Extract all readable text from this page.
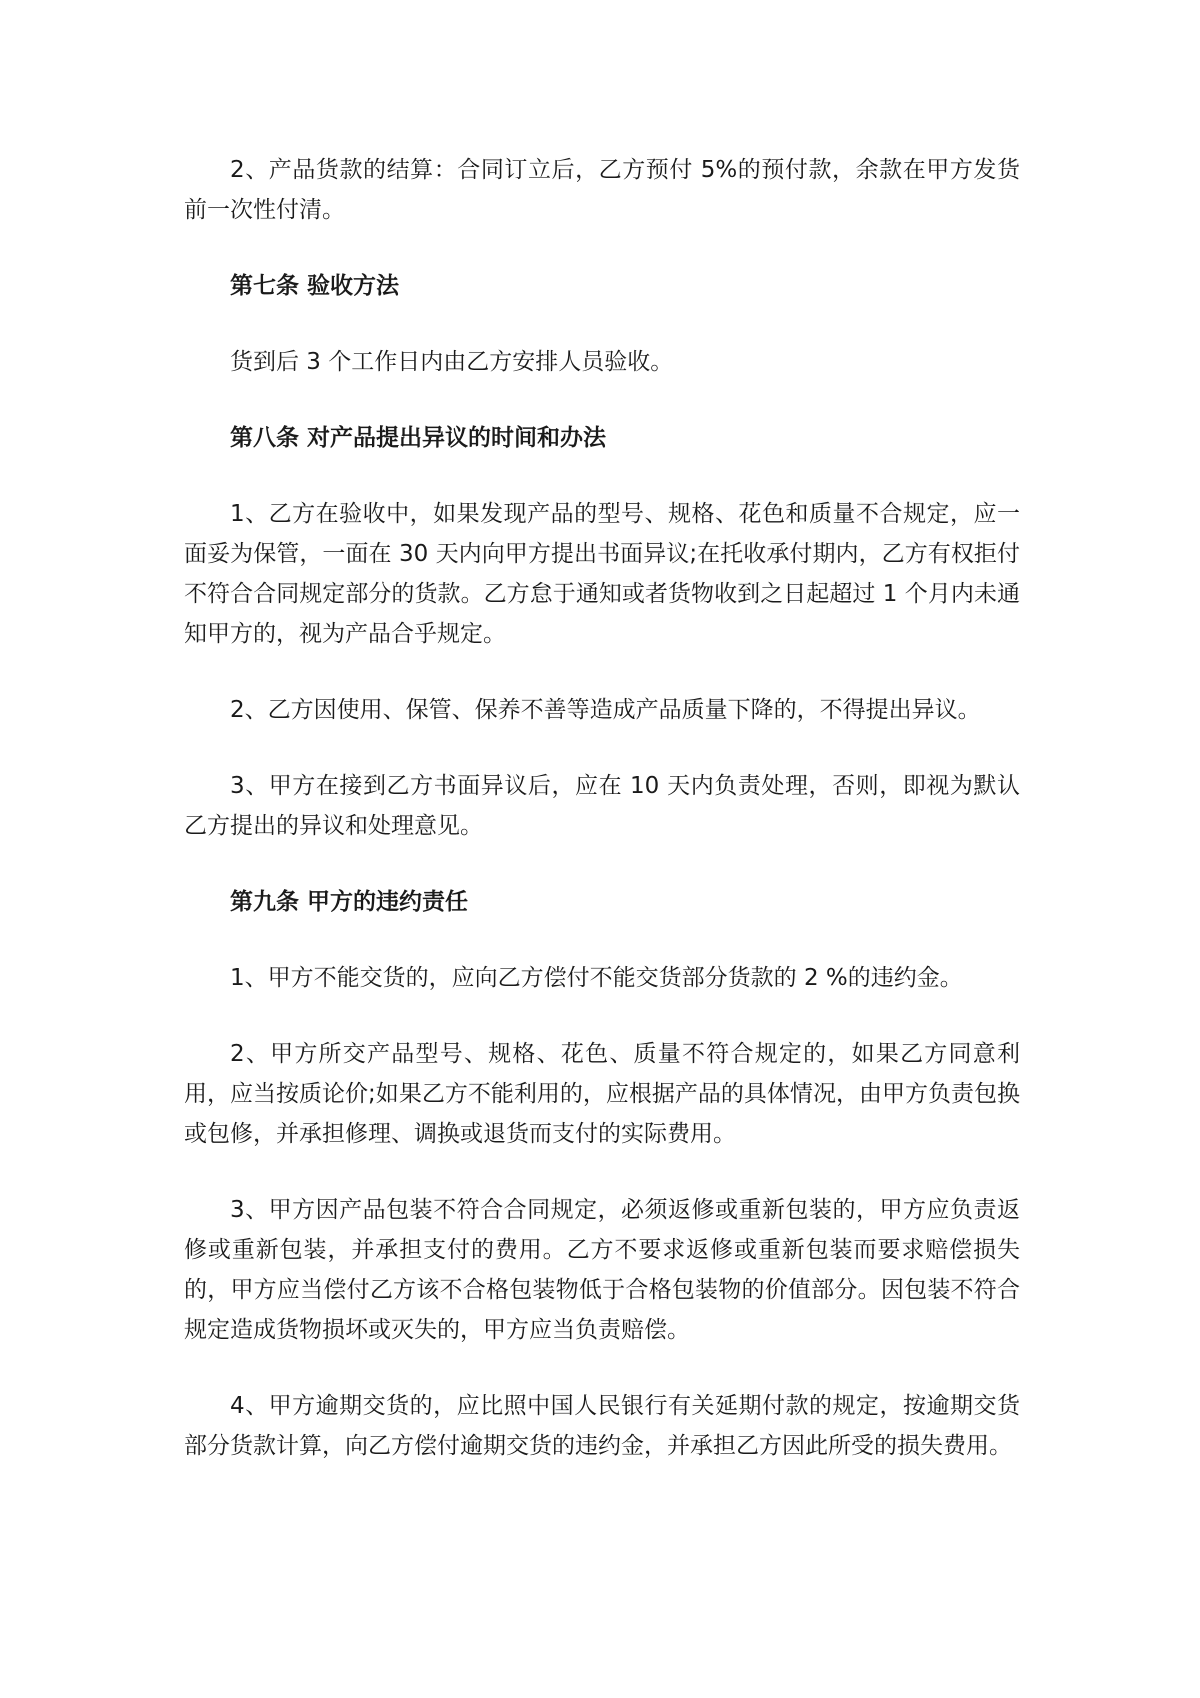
2、产品货款的结算：合同订立后，乙方预付 5%的预付款，余款在甲方发货前一次性付清。

第七条 验收方法

货到后 3 个工作日内由乙方安排人员验收。

第八条 对产品提出异议的时间和办法

1、乙方在验收中，如果发现产品的型号、规格、花色和质量不合规定，应一面妥为保管，一面在 30 天内向甲方提出书面异议;在托收承付期内，乙方有权拒付不符合合同规定部分的货款。乙方怠于通知或者货物收到之日起超过 1 个月内未通知甲方的，视为产品合乎规定。

2、乙方因使用、保管、保养不善等造成产品质量下降的，不得提出异议。

3、甲方在接到乙方书面异议后，应在 10 天内负责处理，否则，即视为默认乙方提出的异议和处理意见。

第九条 甲方的违约责任

1、甲方不能交货的，应向乙方偿付不能交货部分货款的 2 %的违约金。

2、甲方所交产品型号、规格、花色、质量不符合规定的，如果乙方同意利用，应当按质论价;如果乙方不能利用的，应根据产品的具体情况，由甲方负责包换或包修，并承担修理、调换或退货而支付的实际费用。

3、甲方因产品包装不符合合同规定，必须返修或重新包装的，甲方应负责返修或重新包装，并承担支付的费用。乙方不要求返修或重新包装而要求赔偿损失的，甲方应当偿付乙方该不合格包装物低于合格包装物的价值部分。因包装不符合规定造成货物损坏或灭失的，甲方应当负责赔偿。

4、甲方逾期交货的，应比照中国人民银行有关延期付款的规定，按逾期交货部分货款计算，向乙方偿付逾期交货的违约金，并承担乙方因此所受的损失费用。
